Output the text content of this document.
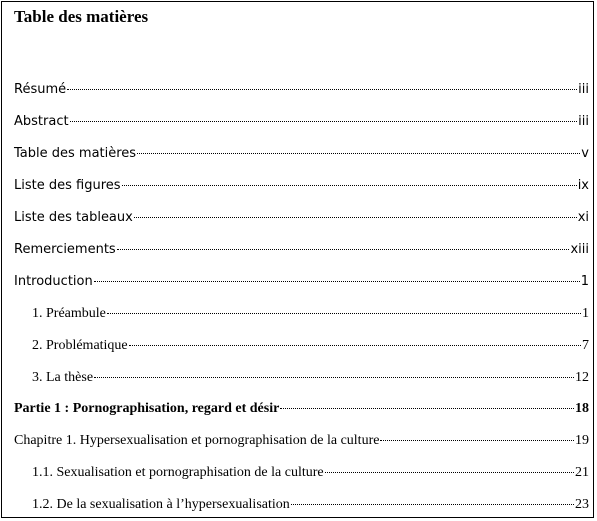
Table des matières
Résumé	iii
Abstract	iii
Table des matières	v
Liste des figures	ix
Liste des tableaux	xi
Remerciements	xiii
Introduction	1
1. Préambule	1
2. Problématique	7
3. La thèse	12
Partie 1 : Pornographisation, regard et désir	18
Chapitre 1. Hypersexualisation et pornographisation de la culture	19
1.1. Sexualisation et pornographisation de la culture	21
1.2. De la sexualisation à l’hypersexualisation	23
